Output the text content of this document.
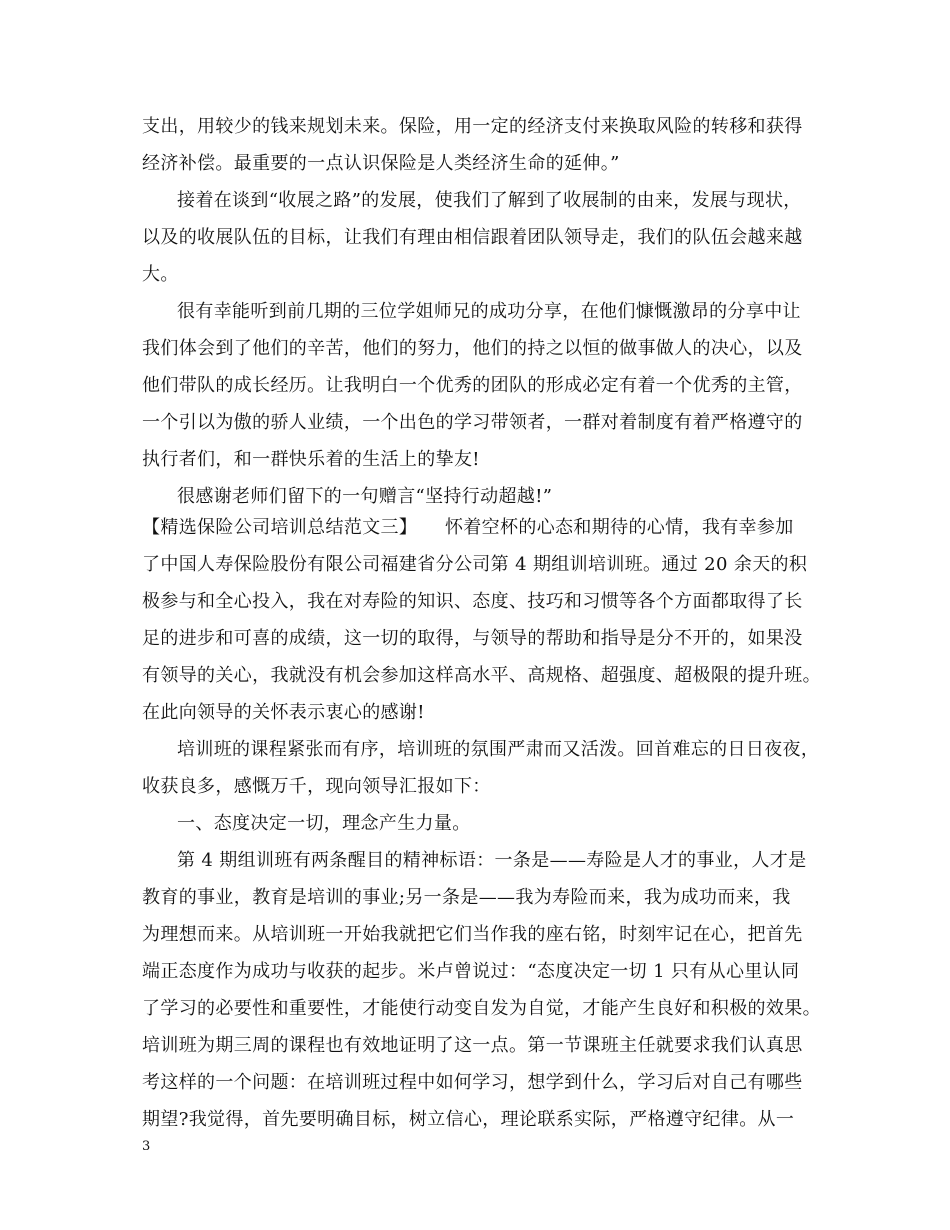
支出，用较少的钱来规划未来。保险，用一定的经济支付来换取风险的转移和获得
经济补偿。最重要的一点认识保险是人类经济生命的延伸。”
接着在谈到“收展之路”的发展，使我们了解到了收展制的由来，发展与现状，
以及的收展队伍的目标，让我们有理由相信跟着团队领导走，我们的队伍会越来越
大。
很有幸能听到前几期的三位学姐师兄的成功分享，在他们慷慨激昂的分享中让
我们体会到了他们的辛苦，他们的努力，他们的持之以恒的做事做人的决心，以及
他们带队的成长经历。让我明白一个优秀的团队的形成必定有着一个优秀的主管，
一个引以为傲的骄人业绩，一个出色的学习带领者，一群对着制度有着严格遵守的
执行者们，和一群快乐着的生活上的挚友!
很感谢老师们留下的一句赠言“坚持行动超越!”
【精选保险公司培训总结范文三】　　怀着空杯的心态和期待的心情，我有幸参加
了中国人寿保险股份有限公司福建省分公司第 4 期组训培训班。通过 20 余天的积
极参与和全心投入，我在对寿险的知识、态度、技巧和习惯等各个方面都取得了长
足的进步和可喜的成绩，这一切的取得，与领导的帮助和指导是分不开的，如果没
有领导的关心，我就没有机会参加这样高水平、高规格、超强度、超极限的提升班。
在此向领导的关怀表示衷心的感谢!
培训班的课程紧张而有序，培训班的氛围严肃而又活泼。回首难忘的日日夜夜，
收获良多，感慨万千，现向领导汇报如下：
一、态度决定一切，理念产生力量。
第 4 期组训班有两条醒目的精神标语：一条是——寿险是人才的事业，人才是
教育的事业，教育是培训的事业;另一条是——我为寿险而来，我为成功而来，我
为理想而来。从培训班一开始我就把它们当作我的座右铭，时刻牢记在心，把首先
端正态度作为成功与收获的起步。米卢曾说过：“态度决定一切 1 只有从心里认同
了学习的必要性和重要性，才能使行动变自发为自觉，才能产生良好和积极的效果。
培训班为期三周的课程也有效地证明了这一点。第一节课班主任就要求我们认真思
考这样的一个问题：在培训班过程中如何学习，想学到什么，学习后对自己有哪些
期望?我觉得，首先要明确目标，树立信心，理论联系实际，严格遵守纪律。从一
3
